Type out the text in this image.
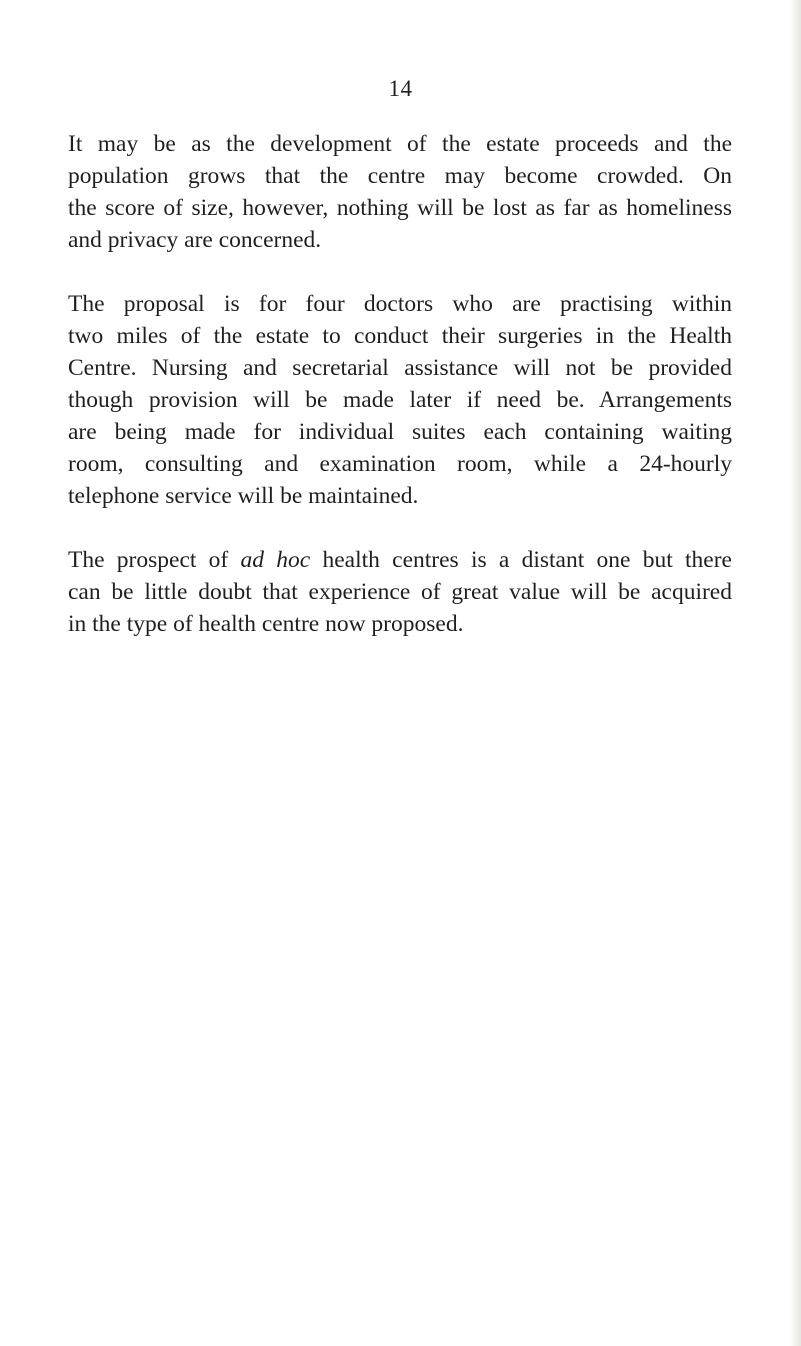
14

It may be as the development of the estate proceeds and the
population grows that the centre may become crowded. On
the score of size, however, nothing will be lost as far as homeliness
and privacy are concerned.

The proposal is for four doctors who are practising within
two miles of the estate to conduct their surgeries in the Health
Centre. Nursing and secretarial assistance will not be provided
though provision will be made later if need be. Arrangements
are being made for individual suites each containing waiting
room, consulting and examination room, while a 24-hourly
telephone service will be maintained.

The prospect of ad hoc health centres is a distant one but there
can be little doubt that experience of great value will be acquired
in the type of health centre now proposed.
